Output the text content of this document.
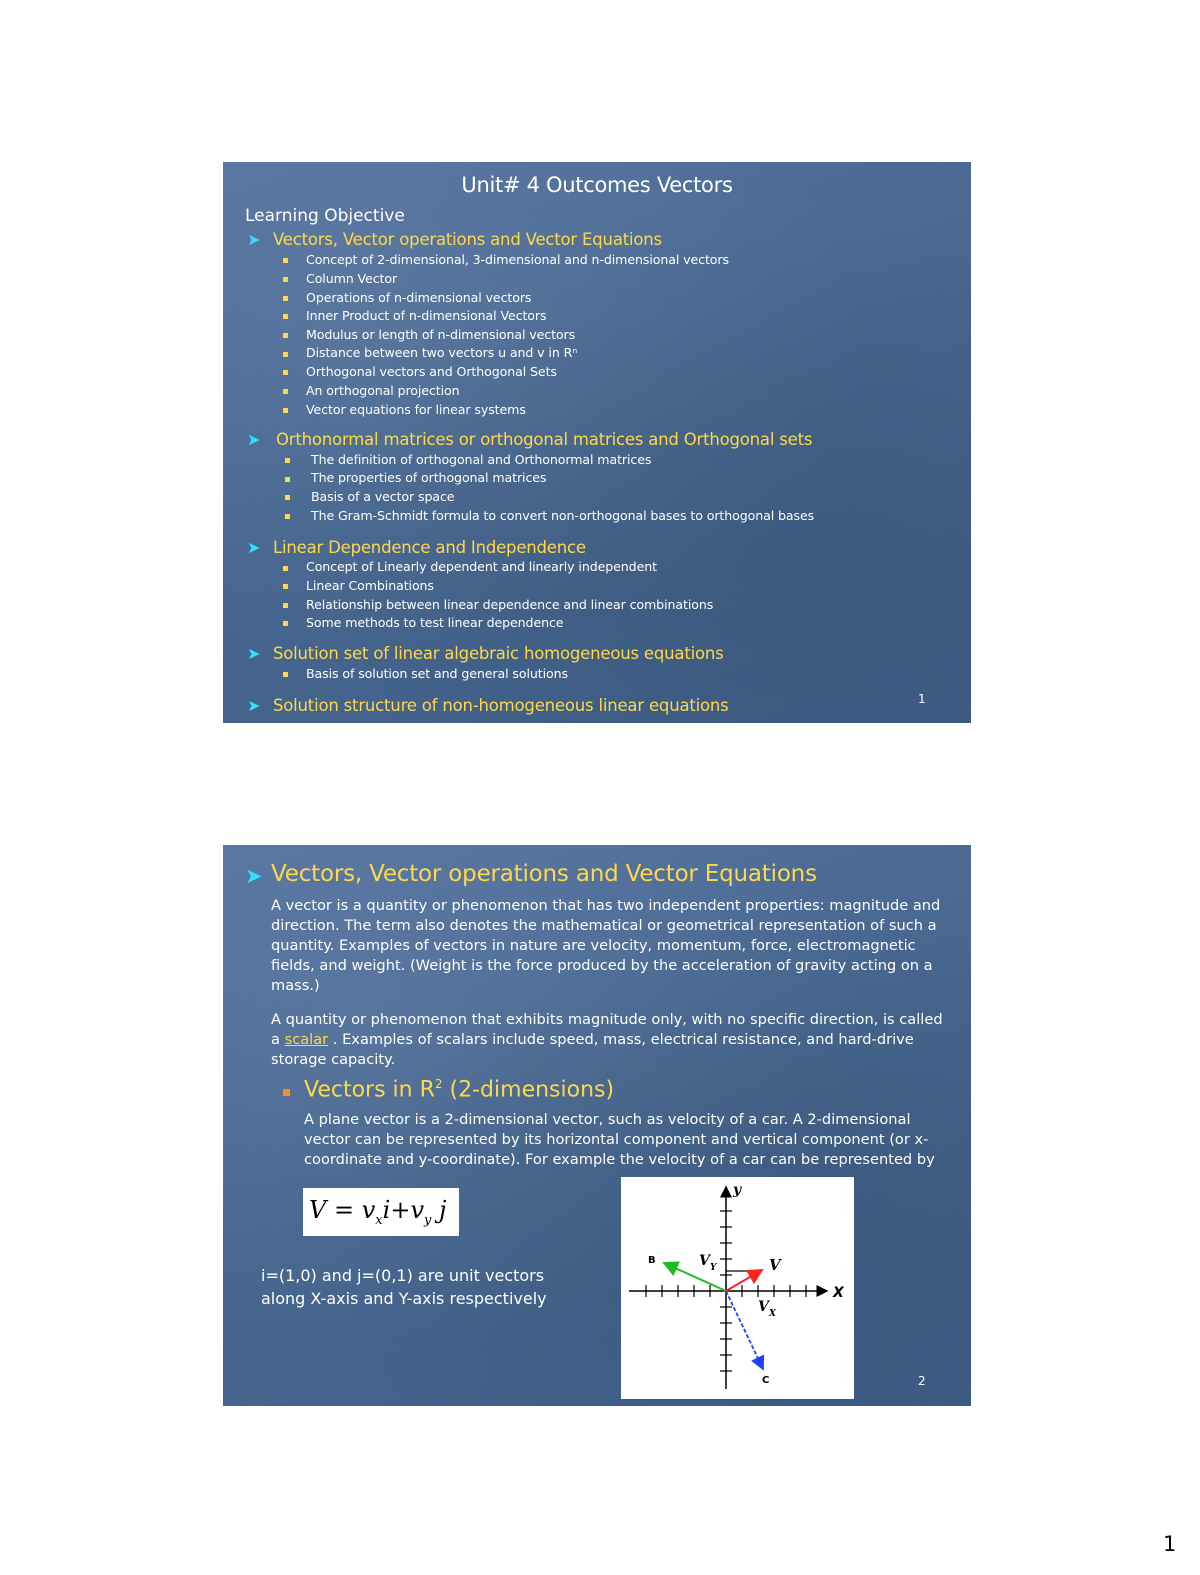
Unit# 4 Outcomes Vectors
Learning Objective
➤ Vectors, Vector operations and Vector Equations
Concept of 2-dimensional, 3-dimensional and n-dimensional vectors
Column Vector
Operations of n-dimensional vectors
Inner Product of n-dimensional Vectors
Modulus or length of n-dimensional vectors
Distance between two vectors u and v in Rⁿ
Orthogonal vectors and Orthogonal Sets
An orthogonal projection
Vector equations for linear systems
➤ Orthonormal matrices or orthogonal matrices and Orthogonal sets
The definition of orthogonal and Orthonormal matrices
The properties of orthogonal matrices
Basis of a vector space
The Gram-Schmidt formula to convert non-orthogonal bases to orthogonal bases
➤ Linear Dependence and Independence
Concept of Linearly dependent and linearly independent
Linear Combinations
Relationship between linear dependence and linear combinations
Some methods to test linear dependence
➤ Solution set of linear algebraic homogeneous equations
Basis of solution set and general solutions
➤ Solution structure of non-homogeneous linear equations	1
➤ Vectors, Vector operations and Vector Equations
A vector is a quantity or phenomenon that has two independent properties: magnitude and direction. The term also denotes the mathematical or geometrical representation of such a quantity. Examples of vectors in nature are velocity, momentum, force, electromagnetic fields, and weight. (Weight is the force produced by the acceleration of gravity acting on a mass.)
A quantity or phenomenon that exhibits magnitude only, with no specific direction, is called a scalar . Examples of scalars include speed, mass, electrical resistance, and hard-drive storage capacity.
Vectors in $R^2$ (2-dimensions)
A plane vector is a 2-dimensional vector, such as velocity of a car. A 2-dimensional vector can be represented by its horizontal component and vertical component (or x-coordinate and y-coordinate). For example the velocity of a car can be represented by
$V = v_xi+v_y$ j
i=(1,0) and j=(0,1) are unit vectors along X-axis and Y-axis respectively
y
X
V
V Y
V X
B
C	2
1
